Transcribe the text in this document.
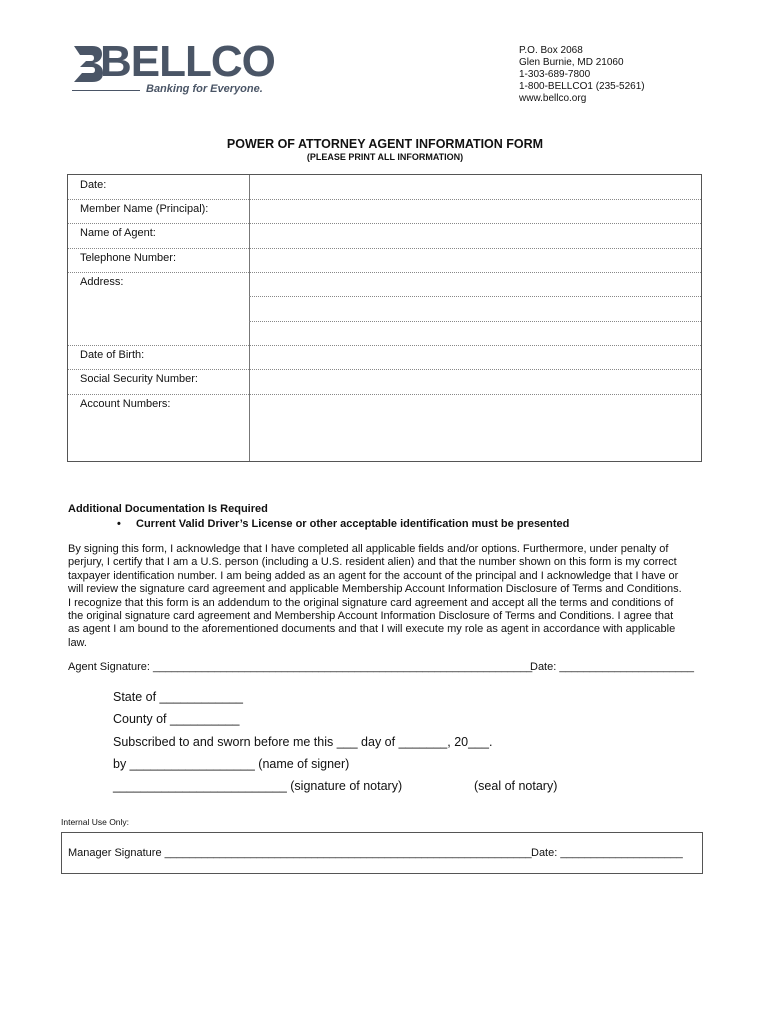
BELLCO
Banking for Everyone.
P.O. Box 2068
Glen Burnie, MD 21060
1-303-689-7800
1-800-BELLCO1 (235-5261)
www.bellco.org
POWER OF ATTORNEY AGENT INFORMATION FORM
(PLEASE PRINT ALL INFORMATION)
Date:
Member Name (Principal):
Name of Agent:
Telephone Number:
Address:
Date of Birth:
Social Security Number:
Account Numbers:
Additional Documentation Is Required
• Current Valid Driver’s License or other acceptable identification must be presented
By signing this form, I acknowledge that I have completed all applicable fields and/or options. Furthermore, under penalty of
perjury, I certify that I am a U.S. person (including a U.S. resident alien) and that the number shown on this form is my correct
taxpayer identification number. I am being added as an agent for the account of the principal and I acknowledge that I have or
will review the signature card agreement and applicable Membership Account Information Disclosure of Terms and Conditions.
I recognize that this form is an addendum to the original signature card agreement and accept all the terms and conditions of
the original signature card agreement and Membership Account Information Disclosure of Terms and Conditions. I agree that
as agent I am bound to the aforementioned documents and that I will execute my role as agent in accordance with applicable
law.
Agent Signature: ______________________________________________________________
Date: ______________________
State of ____________
County of __________
Subscribed to and sworn before me this ___ day of _______, 20___.
by __________________ (name of signer)
_________________________ (signature of notary)	(seal of notary)
Internal Use Only:
Manager Signature ____________________________________________________________ Date: ____________________
